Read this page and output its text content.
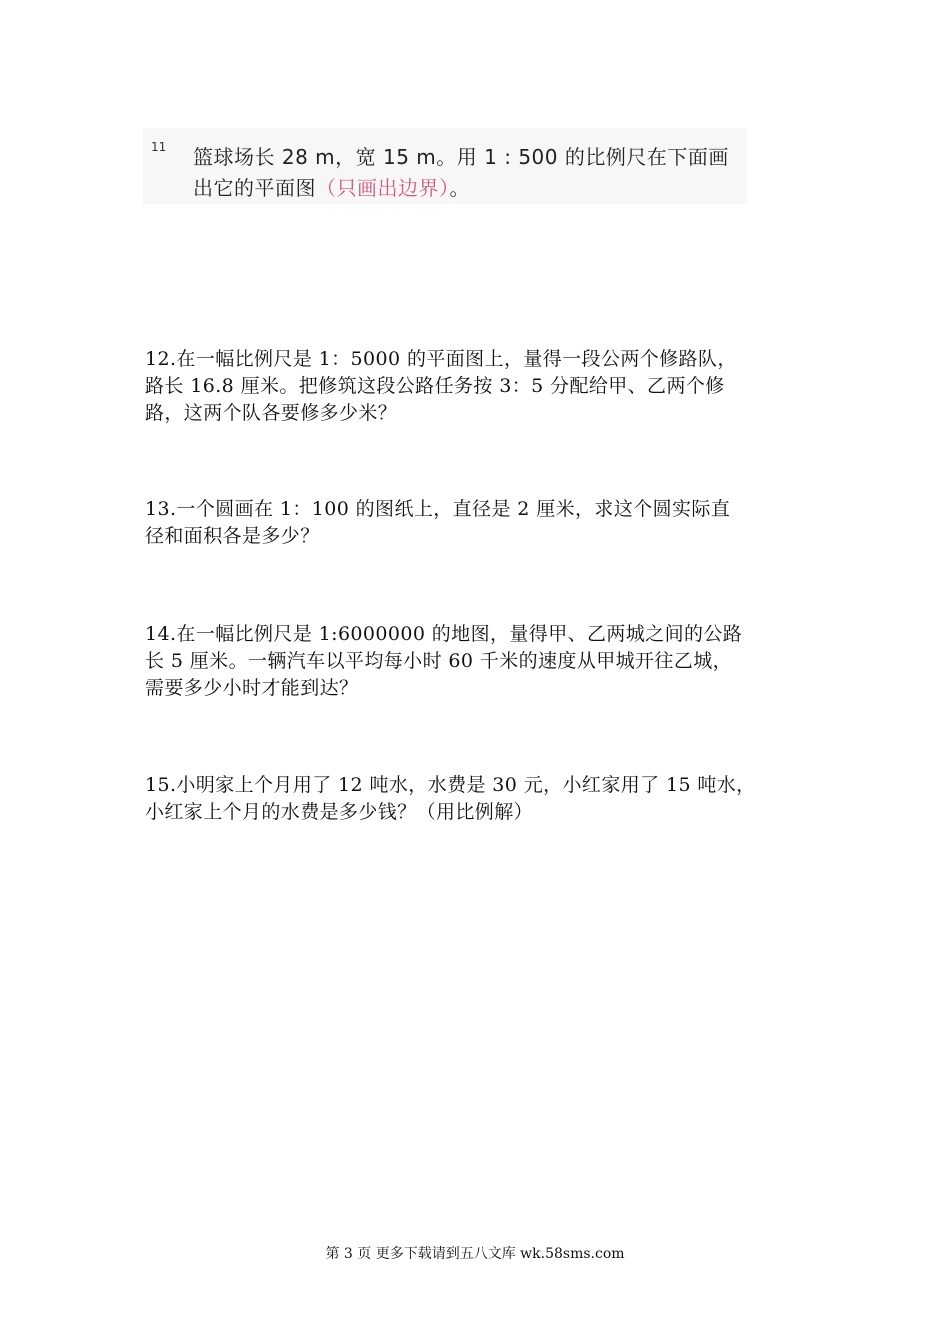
11 篮球场长 28 m，宽 15 m。用 1 : 500 的比例尺在下面画
出它的平面图（只画出边界）。
12.在一幅比例尺是 1：5000 的平面图上，量得一段公两个修路队，
路长 16.8 厘米。把修筑这段公路任务按 3：5 分配给甲、乙两个修
路，这两个队各要修多少米？
13.一个圆画在 1：100 的图纸上，直径是 2 厘米，求这个圆实际直
径和面积各是多少？
14.在一幅比例尺是 1:6000000 的地图，量得甲、乙两城之间的公路
长 5 厘米。一辆汽车以平均每小时 60 千米的速度从甲城开往乙城，
需要多少小时才能到达？
15.小明家上个月用了 12 吨水，水费是 30 元，小红家用了 15 吨水，
小红家上个月的水费是多少钱？（用比例解）
第 3 页 更多下载请到五八文库 wk.58sms.com
